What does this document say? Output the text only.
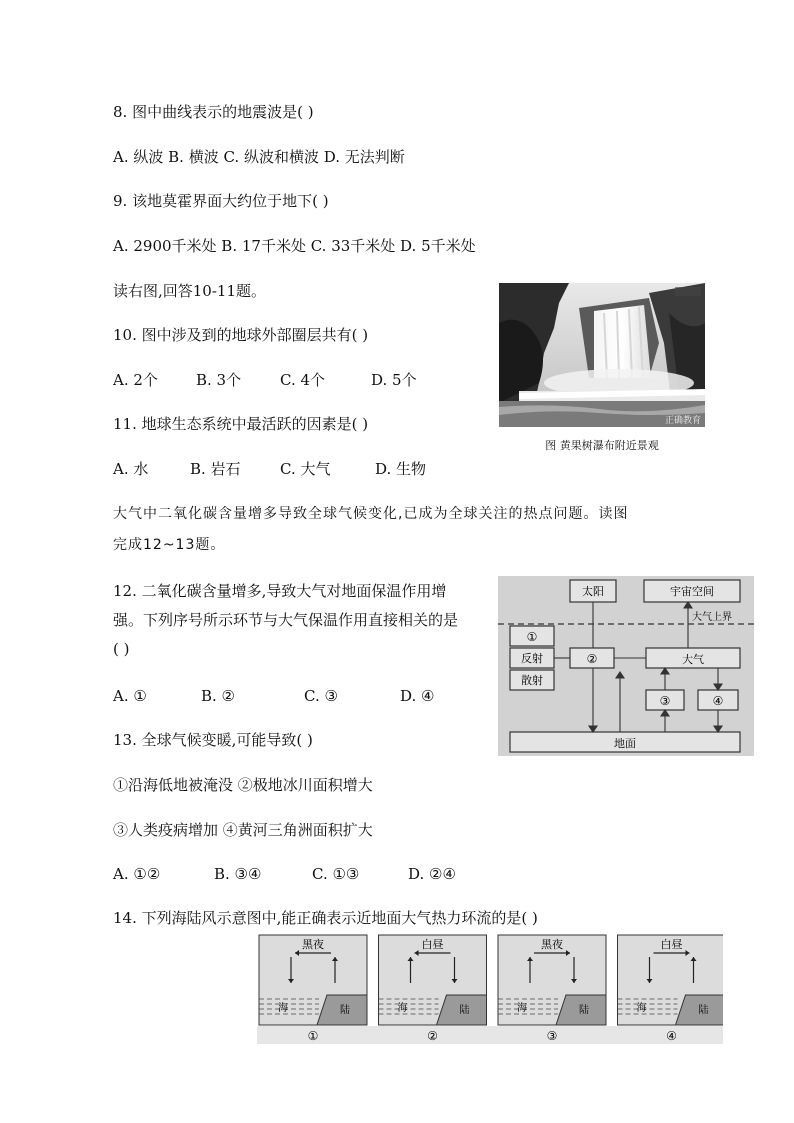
8. 图中曲线表示的地震波是( )
A. 纵波 B. 横波 C. 纵波和横波 D. 无法判断
9. 该地莫霍界面大约位于地下( )
A. 2900千米处 B. 17千米处 C. 33千米处 D. 5千米处
读右图,回答10-11题。
10. 图中涉及到的地球外部圈层共有( )
A. 2个	B. 3个	C. 4个	D. 5个
11. 地球生态系统中最活跃的因素是( )
A. 水	B. 岩石	C. 大气	D. 生物
正确教育
图 黄果树瀑布附近景观
大气中二氧化碳含量增多导致全球气候变化,已成为全球关注的热点问题。读图
完成12~13题。
12. 二氧化碳含量增多,导致大气对地面保温作用增
强。下列序号所示环节与大气保温作用直接相关的是
( )
A. ①	B. ②	C. ③	D. ④
太阳	宇宙空间
大气上界
①
反射
散射
②	大气
③	④
地面
13. 全球气候变暖,可能导致( )
①沿海低地被淹没 ②极地冰川面积增大
③人类疫病增加 ④黄河三角洲面积扩大
A. ①②	B. ③④	C. ①③	D. ②④
14. 下列海陆风示意图中,能正确表示近地面大气热力环流的是( )
黑夜
海	陆
①
白昼
海	陆
②
黑夜
海	陆
③
白昼
海	陆
④
